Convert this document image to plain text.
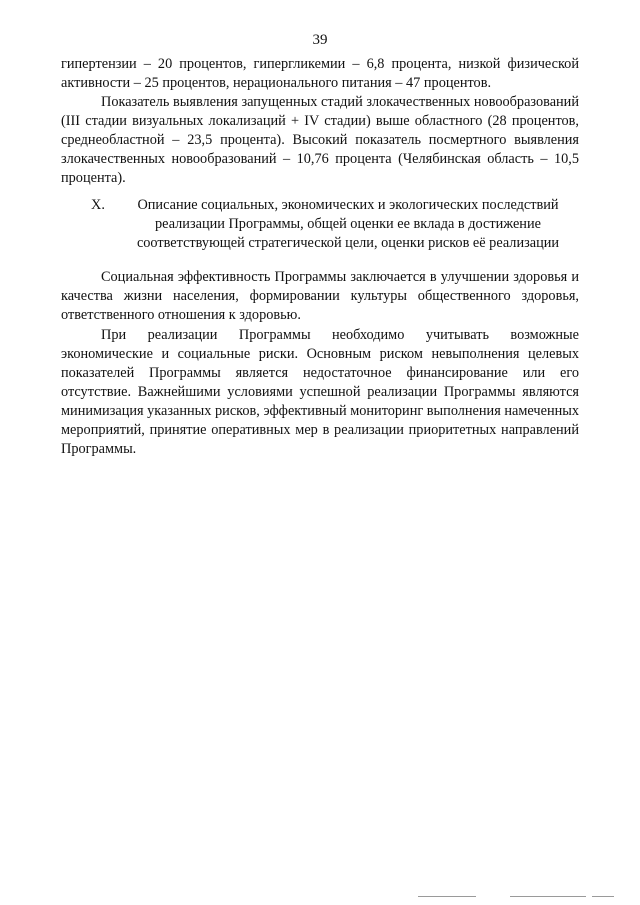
39

гипертензии – 20 процентов, гипергликемии – 6,8 процента, низкой физической активности – 25 процентов, нерационального питания – 47 процентов.

Показатель выявления запущенных стадий злокачественных новообразований (III стадии визуальных локализаций + IV стадии) выше областного (28 процентов, среднеобластной – 23,5 процента). Высокий показатель посмертного выявления злокачественных новообразований – 10,76 процента (Челябинская область – 10,5 процента).

X.	Описание социальных, экономических и экологических последствий реализации Программы, общей оценки ее вклада в достижение соответствующей стратегической цели, оценки рисков её реализации

Социальная эффективность Программы заключается в улучшении здоровья и качества жизни населения, формировании культуры общественного здоровья, ответственного отношения к здоровью.

При реализации Программы необходимо учитывать возможные экономические и социальные риски. Основным риском невыполнения целевых показателей Программы является недостаточное финансирование или его отсутствие. Важнейшими условиями успешной реализации Программы являются минимизация указанных рисков, эффективный мониторинг выполнения намеченных мероприятий, принятие оперативных мер в реализации приоритетных направлений Программы.
